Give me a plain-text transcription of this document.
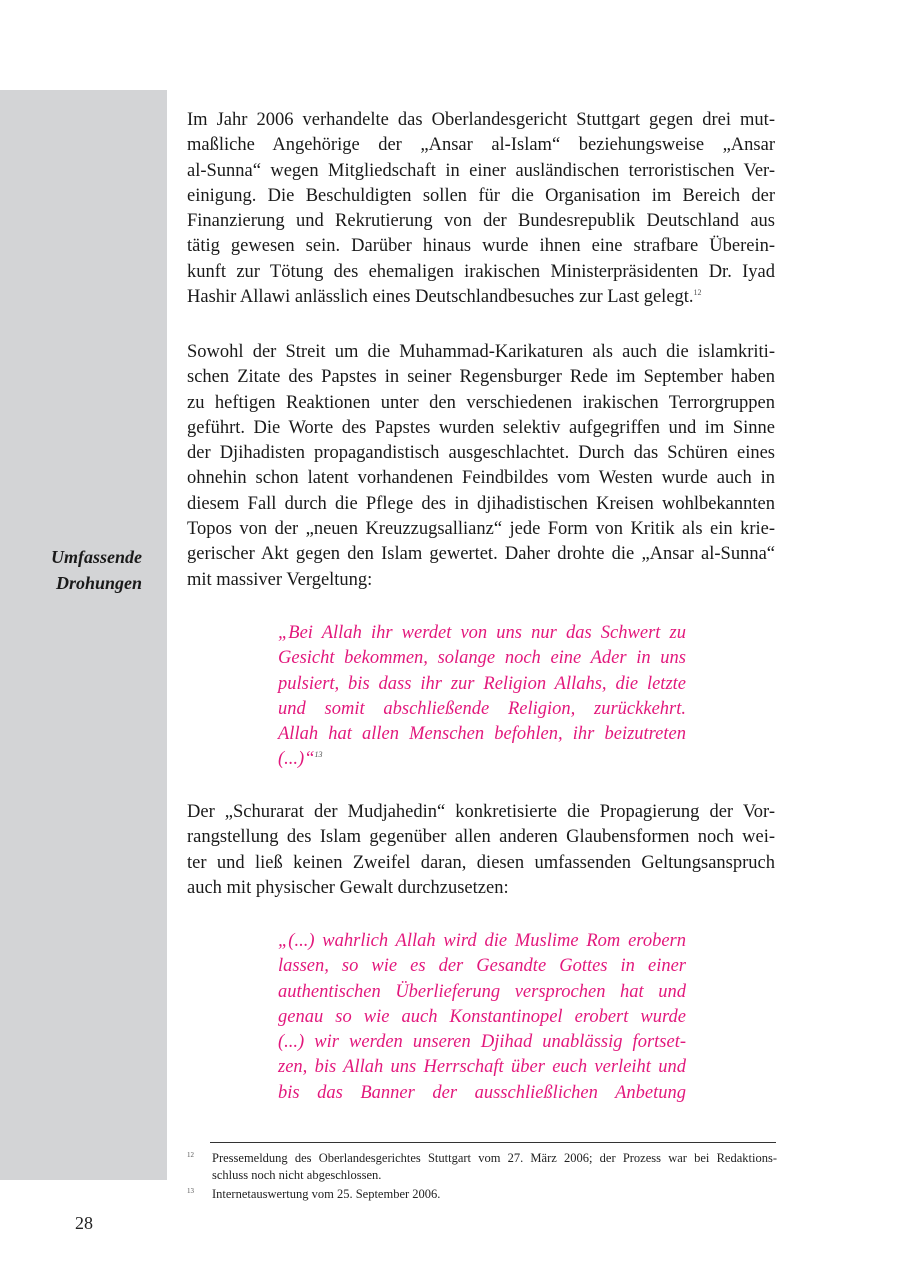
Umfassende
Drohungen
Im Jahr 2006 verhandelte das Oberlandesgericht Stuttgart gegen drei mut-
maßliche Angehörige der „Ansar al-Islam“ beziehungsweise „Ansar
al-Sunna“ wegen Mitgliedschaft in einer ausländischen terroristischen Ver-
einigung. Die Beschuldigten sollen für die Organisation im Bereich der
Finanzierung und Rekrutierung von der Bundesrepublik Deutschland aus
tätig gewesen sein. Darüber hinaus wurde ihnen eine strafbare Überein-
kunft zur Tötung des ehemaligen irakischen Ministerpräsidenten Dr. Iyad
Hashir Allawi anlässlich eines Deutschlandbesuches zur Last gelegt.$^{12}$
Sowohl der Streit um die Muhammad-Karikaturen als auch die islamkriti-
schen Zitate des Papstes in seiner Regensburger Rede im September haben
zu heftigen Reaktionen unter den verschiedenen irakischen Terrorgruppen
geführt. Die Worte des Papstes wurden selektiv aufgegriffen und im Sinne
der Djihadisten propagandistisch ausgeschlachtet. Durch das Schüren eines
ohnehin schon latent vorhandenen Feindbildes vom Westen wurde auch in
diesem Fall durch die Pflege des in djihadistischen Kreisen wohlbekannten
Topos von der „neuen Kreuzzugsallianz“ jede Form von Kritik als ein krie-
gerischer Akt gegen den Islam gewertet. Daher drohte die „Ansar al-Sunna“
mit massiver Vergeltung:
„Bei Allah ihr werdet von uns nur das Schwert zu
Gesicht bekommen, solange noch eine Ader in uns
pulsiert, bis dass ihr zur Religion Allahs, die letzte
und somit abschließende Religion, zurückkehrt.
Allah hat allen Menschen befohlen, ihr beizutreten
(...)“$^{13}$
Der „Schurarat der Mudjahedin“ konkretisierte die Propagierung der Vor-
rangstellung des Islam gegenüber allen anderen Glaubensformen noch wei-
ter und ließ keinen Zweifel daran, diesen umfassenden Geltungsanspruch
auch mit physischer Gewalt durchzusetzen:
„(...) wahrlich Allah wird die Muslime Rom erobern
lassen, so wie es der Gesandte Gottes in einer
authentischen Überlieferung versprochen hat und
genau so wie auch Konstantinopel erobert wurde
(...) wir werden unseren Djihad unablässig fortset-
zen, bis Allah uns Herrschaft über euch verleiht und
bis das Banner der ausschließlichen Anbetung
12 Pressemeldung des Oberlandesgerichtes Stuttgart vom 27. März 2006; der Prozess war bei Redaktions-
schluss noch nicht abgeschlossen.
13 Internetauswertung vom 25. September 2006.
28
